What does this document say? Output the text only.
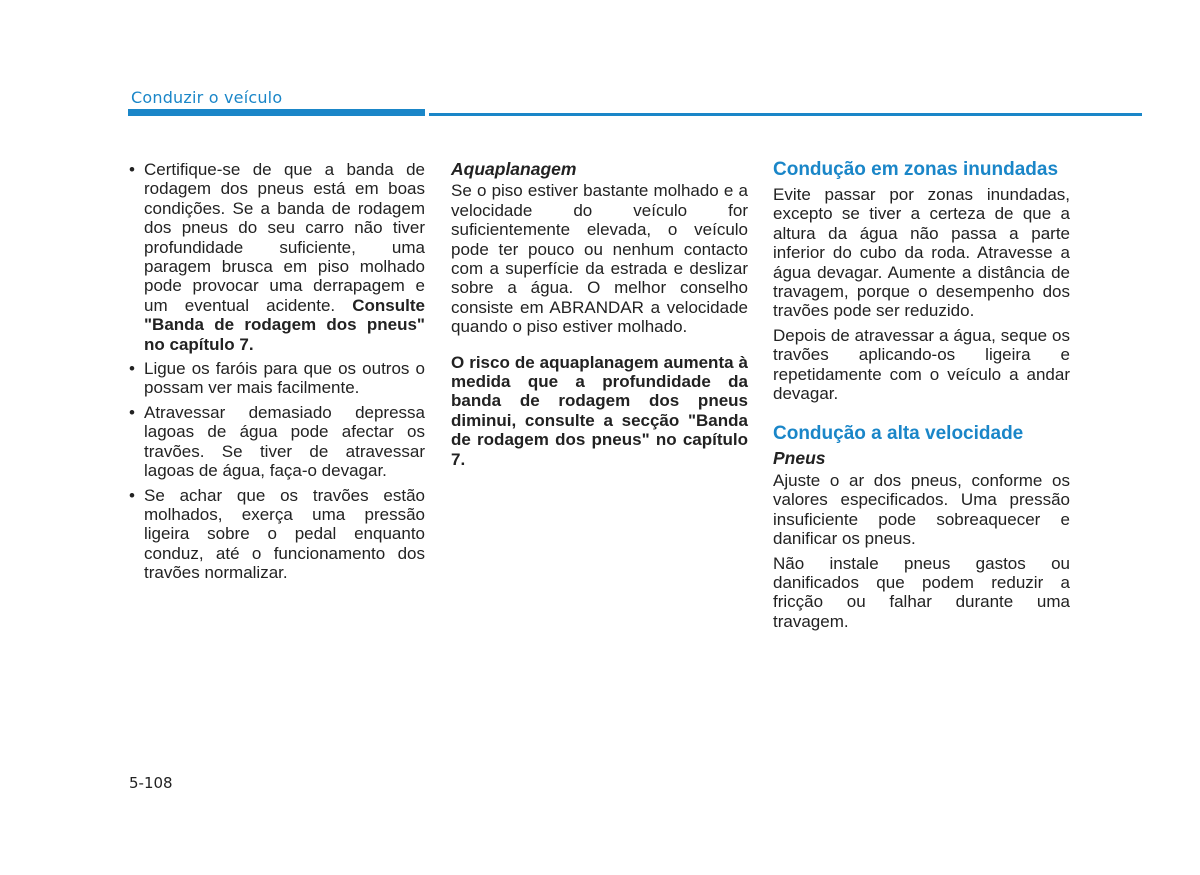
Conduzir o veículo
• Certifique-se de que a banda de rodagem dos pneus está em boas condições. Se a banda de rodagem dos pneus do seu carro não tiver profundidade suficiente, uma paragem brusca em piso molhado pode provocar uma derrapagem e um eventual acidente. Consulte "Banda de rodagem dos pneus" no capítulo 7.
• Ligue os faróis para que os outros o possam ver mais facilmente.
• Atravessar demasiado depressa lagoas de água pode afectar os travões. Se tiver de atravessar lagoas de água, faça-o devagar.
• Se achar que os travões estão molhados, exerça uma pressão ligeira sobre o pedal enquanto conduz, até o funcionamento dos travões normalizar.
Aquaplanagem

Se o piso estiver bastante molhado e a velocidade do veículo for suficientemente elevada, o veículo pode ter pouco ou nenhum contacto com a superfície da estrada e deslizar sobre a água. O melhor conselho consiste em ABRANDAR a velocidade quando o piso estiver molhado.

O risco de aquaplanagem aumenta à medida que a profundidade da banda de rodagem dos pneus diminui, consulte a secção "Banda de rodagem dos pneus" no capítulo 7.

Condução em zonas inundadas

Evite passar por zonas inundadas, excepto se tiver a certeza de que a altura da água não passa a parte inferior do cubo da roda. Atravesse a água devagar. Aumente a distância de travagem, porque o desempenho dos travões pode ser reduzido.

Depois de atravessar a água, seque os travões aplicando-os ligeira e repetidamente com o veículo a andar devagar.

Condução a alta velocidade
Pneus

Ajuste o ar dos pneus, conforme os valores especificados. Uma pressão insuficiente pode sobreaquecer e danificar os pneus.

Não instale pneus gastos ou danificados que podem reduzir a fricção ou falhar durante uma travagem.

5-108
